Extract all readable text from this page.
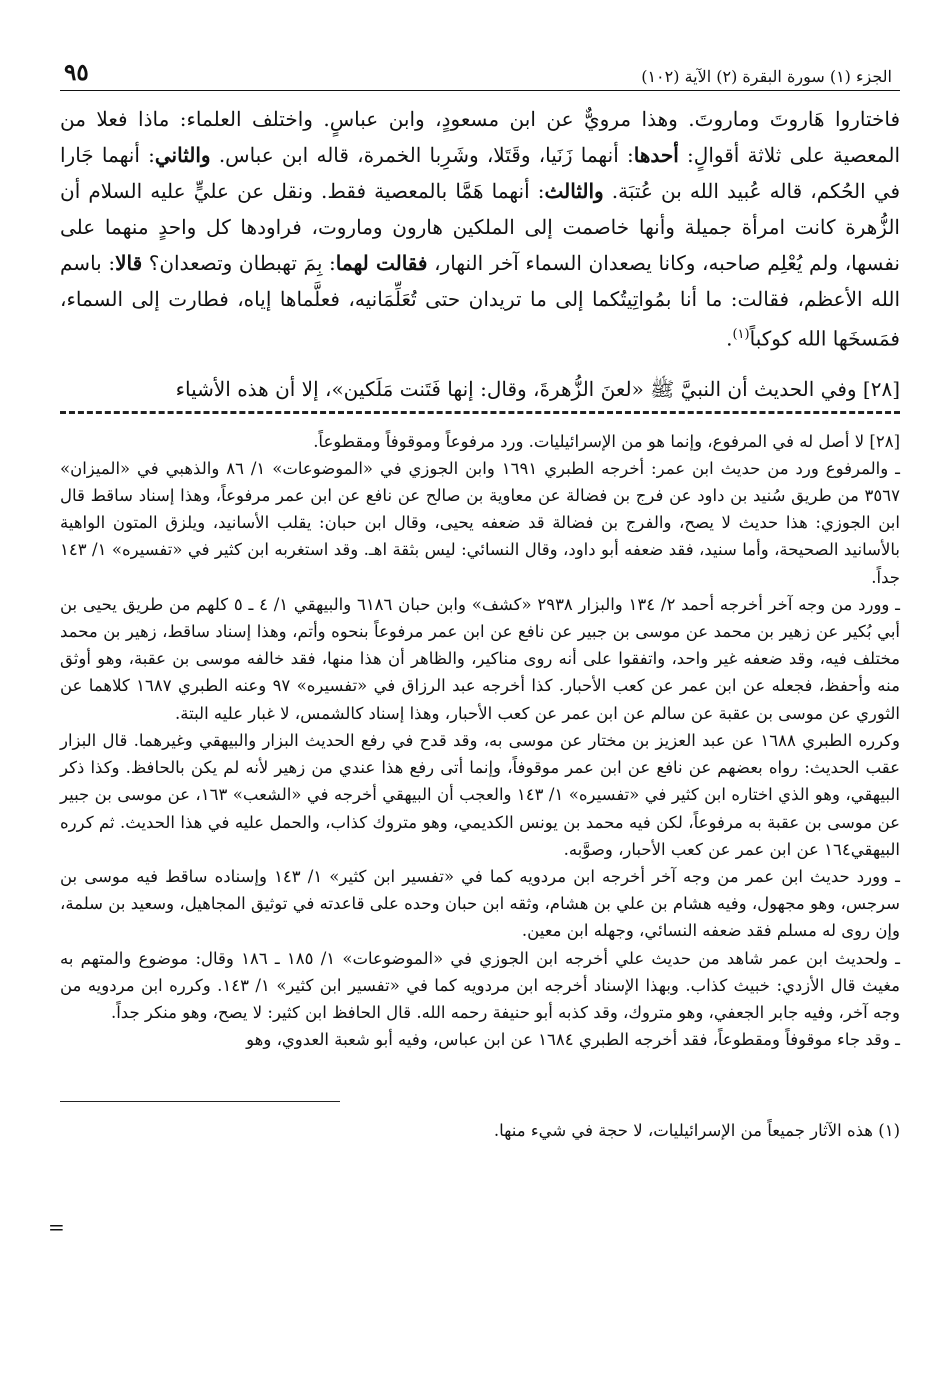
الجزء (١) سورة البقرة (٢) الآية (١٠٢)
٩٥

فاختاروا هَاروتَ وماروتَ. وهذا مرويٌّ عن ابن مسعودٍ، وابن عباسٍ. واختلف العلماء: ماذا فعلا من المعصية على ثلاثة أقوالٍ: أحدها: أنهما زَنَيا، وقَتَلا، وشَرِبا الخمرة، قاله ابن عباس. والثاني: أنهما جَارا في الحُكم، قاله عُبيد الله بن عُتبَة. والثالث: أنهما هَمَّا بالمعصية فقط. ونقل عن عليٍّ عليه السلام أن الزُّهرة كانت امرأة جميلة وأنها خاصمت إلى الملكين هارون وماروت، فراودها كل واحدٍ منهما على نفسها، ولم يُعْلِم صاحبه، وكانا يصعدان السماء آخر النهار، فقالت لهما: بِمَ تهبطان وتصعدان؟ قالا: باسم الله الأعظم، فقالت: ما أنا بمُواتِيتُكما إلى ما تريدان حتى تُعَلِّمَانيه، فعلَّماها إياه، فطارت إلى السماء، فمَسخَها الله كوكباً$^{(١)}$.

[٢٨] وفي الحديث أن النبيَّ ﷺ «لعنَ الزُّهرةَ، وقال: إنها فَتَنت مَلَكين»، إلا أن هذه الأشياء

[٢٨] لا أصل له في المرفوع، وإنما هو من الإسرائيليات. ورد مرفوعاً وموقوفاً ومقطوعاً.

ـ والمرفوع ورد من حديث ابن عمر: أخرجه الطبري ١٦٩١ وابن الجوزي في «الموضوعات» ١/ ٨٦ والذهبي في «الميزان» ٣٥٦٧ من طريق سُنيد بن داود عن فرج بن فضالة عن معاوية بن صالح عن نافع عن ابن عمر مرفوعاً، وهذا إسناد ساقط قال ابن الجوزي: هذا حديث لا يصح، والفرج بن فضالة قد ضعفه يحيى، وقال ابن حبان: يقلب الأسانيد، ويلزق المتون الواهية بالأسانيد الصحيحة، وأما سنيد، فقد ضعفه أبو داود، وقال النسائي: ليس بثقة اهـ. وقد استغربه ابن كثير في «تفسيره» ١/ ١٤٣ جداً.

ـ وورد من وجه آخر أخرجه أحمد ٢/ ١٣٤ والبزار ٢٩٣٨ «كشف» وابن حبان ٦١٨٦ والبيهقي ١/ ٤ ـ ٥ كلهم من طريق يحيى بن أبي بُكير عن زهير بن محمد عن موسى بن جبير عن نافع عن ابن عمر مرفوعاً بنحوه وأتم، وهذا إسناد ساقط، زهير بن محمد مختلف فيه، وقد ضعفه غير واحد، واتفقوا على أنه روى مناكير، والظاهر أن هذا منها، فقد خالفه موسى بن عقبة، وهو أوثق منه وأحفظ، فجعله عن ابن عمر عن كعب الأحبار. كذا أخرجه عبد الرزاق في «تفسيره» ٩٧ وعنه الطبري ١٦٨٧ كلاهما عن الثوري عن موسى بن عقبة عن سالم عن ابن عمر عن كعب الأحبار، وهذا إسناد كالشمس، لا غبار عليه البتة.

وكرره الطبري ١٦٨٨ عن عبد العزيز بن مختار عن موسى به، وقد قدح في رفع الحديث البزار والبيهقي وغيرهما. قال البزار عقب الحديث: رواه بعضهم عن نافع عن ابن عمر موقوفاً، وإنما أتى رفع هذا عندي من زهير لأنه لم يكن بالحافظ. وكذا ذكر البيهقي، وهو الذي اختاره ابن كثير في «تفسيره» ١/ ١٤٣ والعجب أن البيهقي أخرجه في «الشعب» ١٦٣، عن موسى بن جبير عن موسى بن عقبة به مرفوعاً، لكن فيه محمد بن يونس الكديمي، وهو متروك كذاب، والحمل عليه في هذا الحديث. ثم كرره البيهقي١٦٤ عن ابن عمر عن كعب الأحبار، وصوَّبه.

ـ وورد حديث ابن عمر من وجه آخر أخرجه ابن مردويه كما في «تفسير ابن كثير» ١/ ١٤٣ وإسناده ساقط فيه موسى بن سرجس، وهو مجهول، وفيه هشام بن علي بن هشام، وثقه ابن حبان وحده على قاعدته في توثيق المجاهيل، وسعيد بن سلمة، وإن روى له مسلم فقد ضعفه النسائي، وجهله ابن معين.

ـ ولحديث ابن عمر شاهد من حديث علي أخرجه ابن الجوزي في «الموضوعات» ١/ ١٨٥ ـ ١٨٦ وقال: موضوع والمتهم به مغيث قال الأزدي: خبيث كذاب. وبهذا الإسناد أخرجه ابن مردويه كما في «تفسير ابن كثير» ١/ ١٤٣. وكرره ابن مردويه من وجه آخر، وفيه جابر الجعفي، وهو متروك، وقد كذبه أبو حنيفة رحمه الله. قال الحافظ ابن كثير: لا يصح، وهو منكر جداً.

ـ وقد جاء موقوفاً ومقطوعاً، فقد أخرجه الطبري ١٦٨٤ عن ابن عباس، وفيه أبو شعبة العدوي، وهو

(١) هذه الآثار جميعاً من الإسرائيليات، لا حجة في شيء منها.
=
